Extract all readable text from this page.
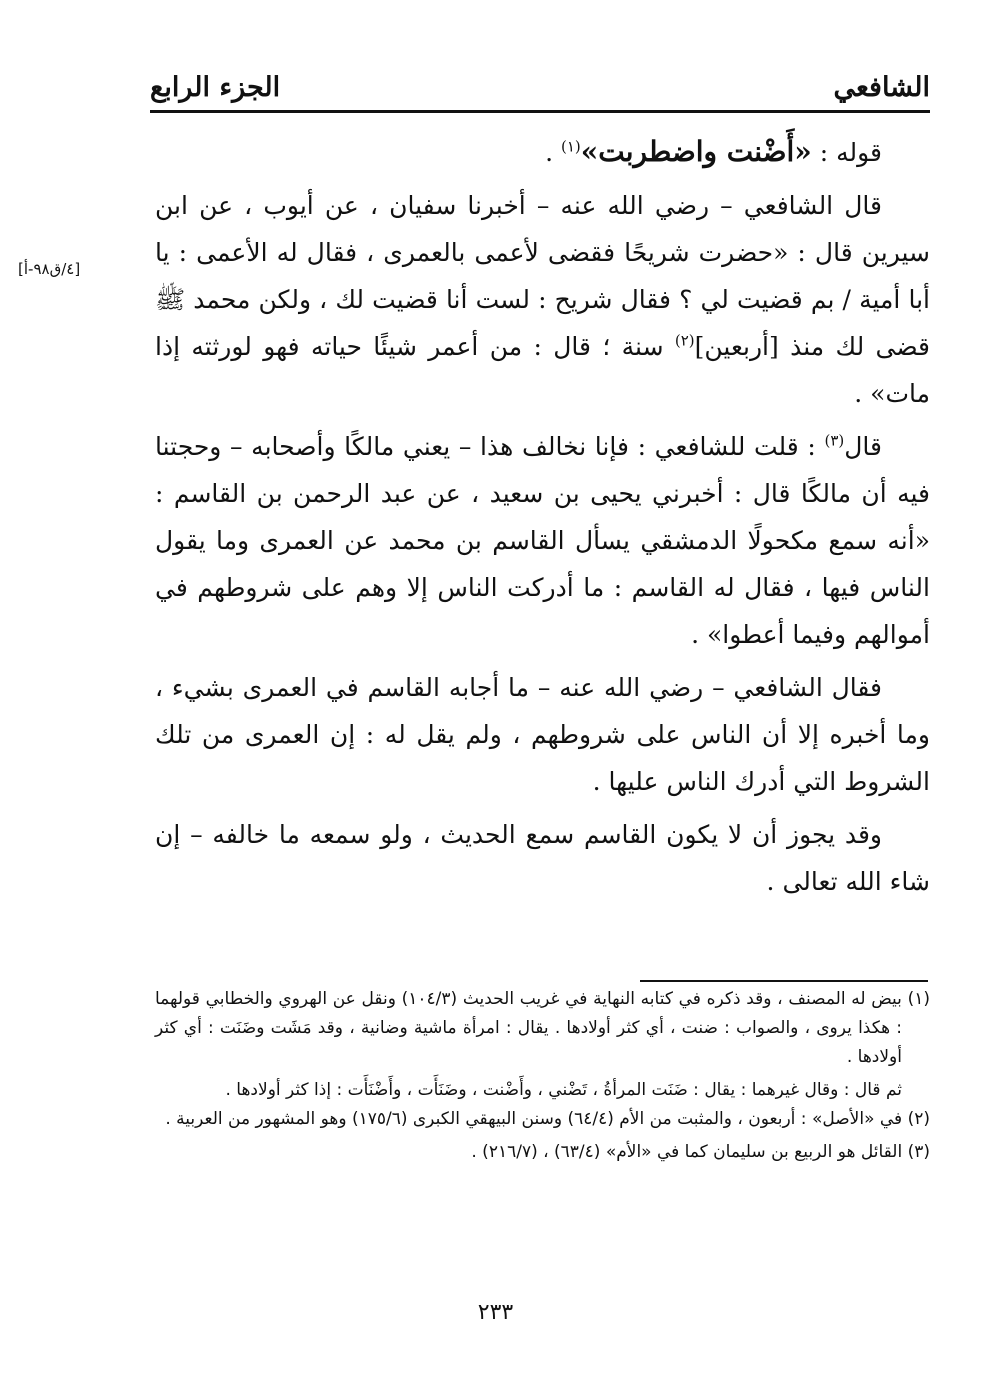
الشافعي
الجزء الرابع
[٤/ق٩٨-أ]

قوله : «أَضْنت واضطربت»$^{(١)}$ .

قال الشافعي – رضي الله عنه – أخبرنا سفيان ، عن أيوب ، عن ابن سيرين قال : «حضرت شريحًا فقضى لأعمى بالعمرى ، فقال له الأعمى : يا أبا أمية / بم قضيت لي ؟ فقال شريح : لست أنا قضيت لك ، ولكن محمد ﷺ قضى لك منذ [أربعين]$^{(٢)}$ سنة ؛ قال : من أعمر شيئًا حياته فهو لورثته إذا مات» .

قال$^{(٣)}$ : قلت للشافعي : فإنا نخالف هذا – يعني مالكًا وأصحابه – وحجتنا فيه أن مالكًا قال : أخبرني يحيى بن سعيد ، عن عبد الرحمن بن القاسم : «أنه سمع مكحولًا الدمشقي يسأل القاسم بن محمد عن العمرى وما يقول الناس فيها ، فقال له القاسم : ما أدركت الناس إلا وهم على شروطهم في أموالهم وفيما أعطوا» .

فقال الشافعي – رضي الله عنه – ما أجابه القاسم في العمرى بشيء ، وما أخبره إلا أن الناس على شروطهم ، ولم يقل له : إن العمرى من تلك الشروط التي أدرك الناس عليها .

وقد يجوز أن لا يكون القاسم سمع الحديث ، ولو سمعه ما خالفه – إن شاء الله تعالى .

(١) بيض له المصنف ، وقد ذكره في كتابه النهاية في غريب الحديث (١٠٤/٣) ونقل عن الهروي والخطابي قولهما : هكذا يروى ، والصواب : ضنت ، أي كثر أولادها . يقال : امرأة ماشية وضانية ، وقد مَشَت وضَنَت : أي كثر أولادها .

ثم قال : وقال غيرهما : يقال : ضَنَت المرأةُ ، تَضْني ، وأَضْنت ، وضَنَأَت ، وأَضْنَأَت : إذا كثر أولادها .

(٢) في «الأصل» : أربعون ، والمثبت من الأم (٦٤/٤) وسنن البيهقي الكبرى (١٧٥/٦) وهو المشهور من العربية .

(٣) القائل هو الربيع بن سليمان كما في «الأم» (٦٣/٤) ، (٢١٦/٧) .

٢٣٣
